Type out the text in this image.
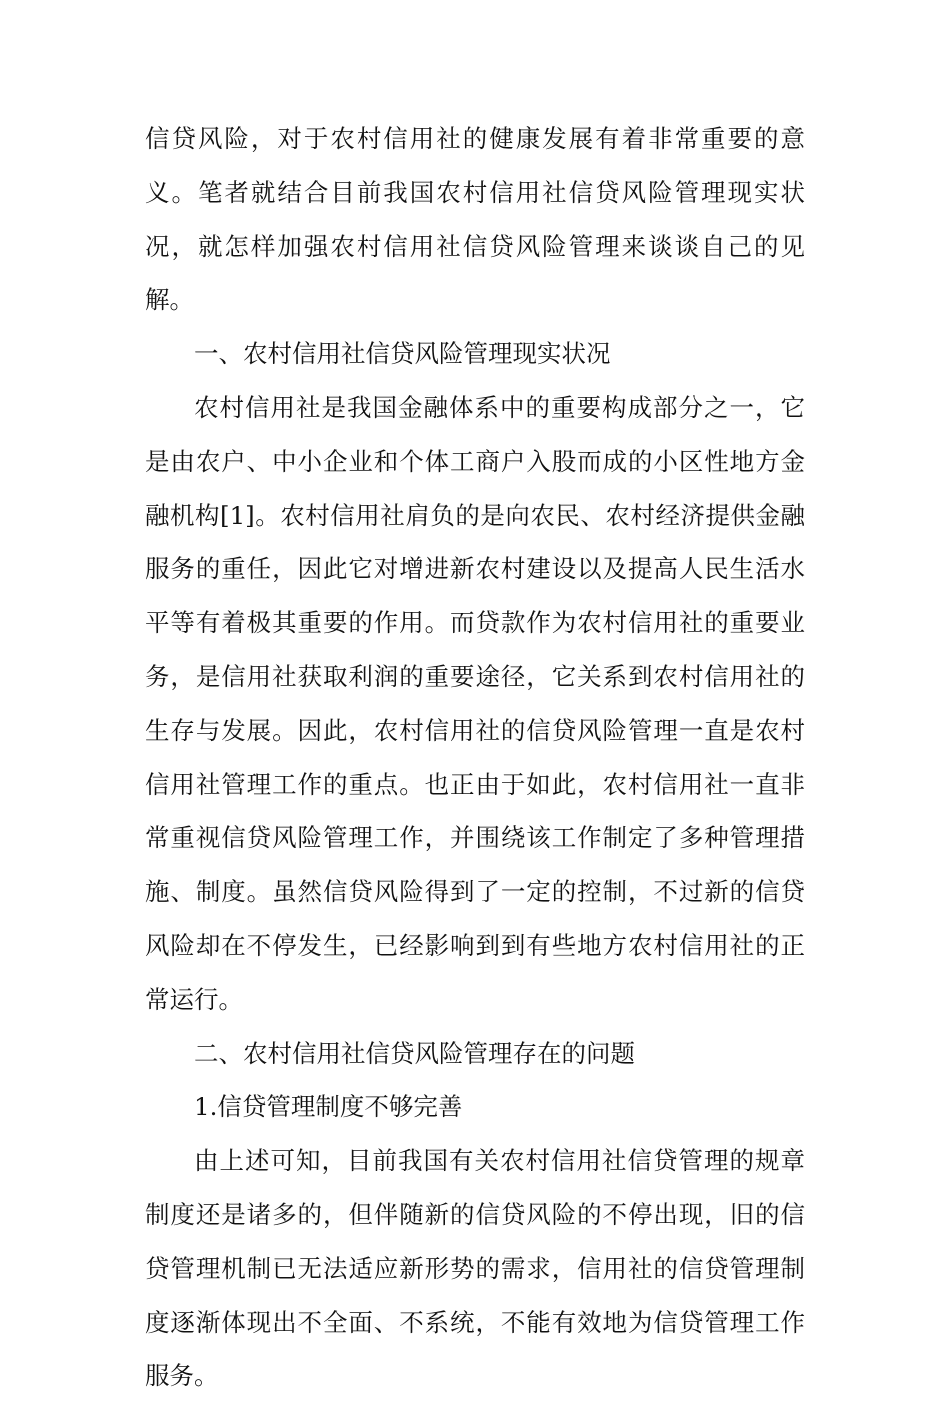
信贷风险，对于农村信用社的健康发展有着非常重要的意义。笔者就结合目前我国农村信用社信贷风险管理现实状况，就怎样加强农村信用社信贷风险管理来谈谈自己的见解。

一、农村信用社信贷风险管理现实状况

农村信用社是我国金融体系中的重要构成部分之一，它是由农户、中小企业和个体工商户入股而成的小区性地方金融机构[1]。农村信用社肩负的是向农民、农村经济提供金融服务的重任，因此它对增进新农村建设以及提高人民生活水平等有着极其重要的作用。而贷款作为农村信用社的重要业务，是信用社获取利润的重要途径，它关系到农村信用社的生存与发展。因此，农村信用社的信贷风险管理一直是农村信用社管理工作的重点。也正由于如此，农村信用社一直非常重视信贷风险管理工作，并围绕该工作制定了多种管理措施、制度。虽然信贷风险得到了一定的控制，不过新的信贷风险却在不停发生，已经影响到到有些地方农村信用社的正常运行。

二、农村信用社信贷风险管理存在的问题

1.信贷管理制度不够完善

由上述可知，目前我国有关农村信用社信贷管理的规章制度还是诸多的，但伴随新的信贷风险的不停出现，旧的信贷管理机制已无法适应新形势的需求，信用社的信贷管理制度逐渐体现出不全面、不系统，不能有效地为信贷管理工作服务。
